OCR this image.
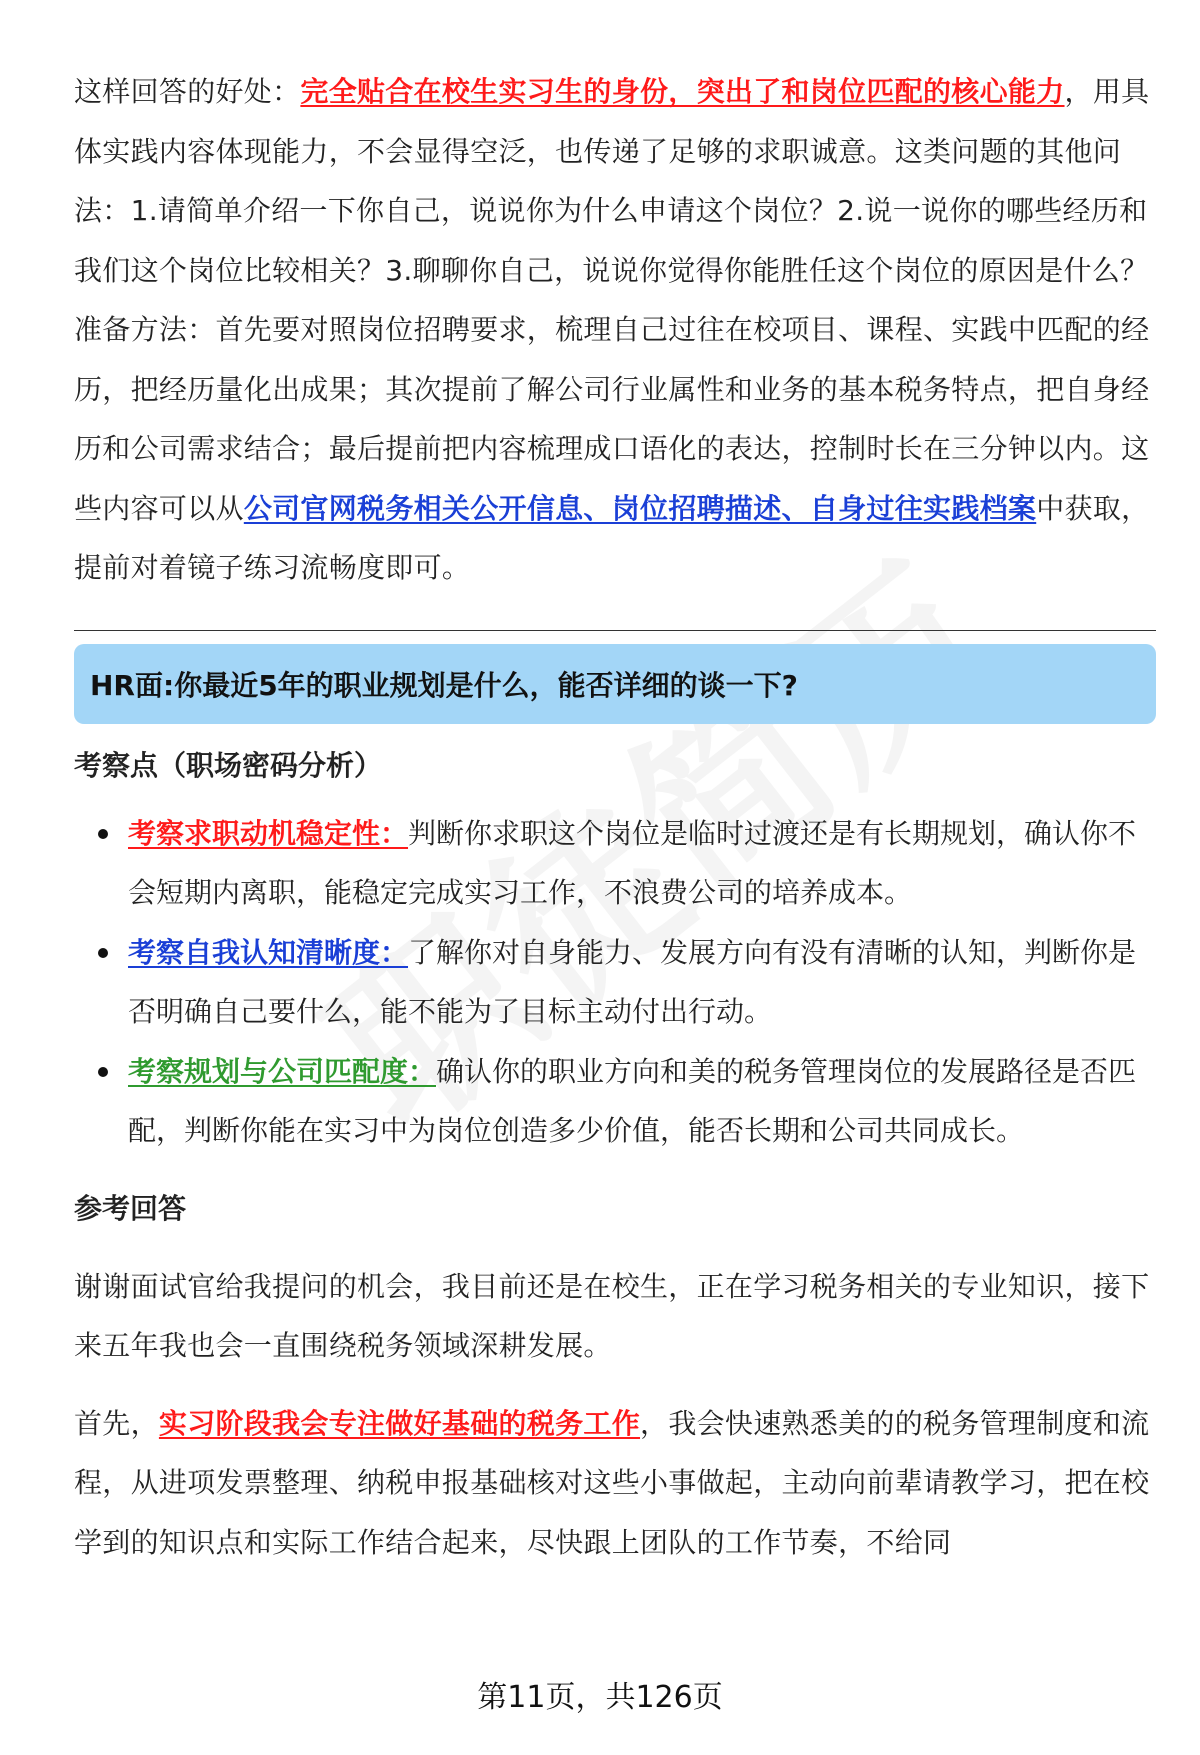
这样回答的好处：完全贴合在校生实习生的身份，突出了和岗位匹配的核心能力，用具体实践内容体现能力，不会显得空泛，也传递了足够的求职诚意。这类问题的其他问法：1.请简单介绍一下你自己，说说你为什么申请这个岗位？2.说一说你的哪些经历和我们这个岗位比较相关？3.聊聊你自己，说说你觉得你能胜任这个岗位的原因是什么？

准备方法：首先要对照岗位招聘要求，梳理自己过往在校项目、课程、实践中匹配的经历，把经历量化出成果；其次提前了解公司行业属性和业务的基本税务特点，把自身经历和公司需求结合；最后提前把内容梳理成口语化的表达，控制时长在三分钟以内。这些内容可以从公司官网税务相关公开信息、岗位招聘描述、自身过往实践档案中获取，提前对着镜子练习流畅度即可。

HR面:你最近5年的职业规划是什么，能否详细的谈一下?
考察点（职场密码分析）
考察求职动机稳定性：判断你求职这个岗位是临时过渡还是有长期规划，确认你不会短期内离职，能稳定完成实习工作，不浪费公司的培养成本。
考察自我认知清晰度：了解你对自身能力、发展方向有没有清晰的认知，判断你是否明确自己要什么，能不能为了目标主动付出行动。
考察规划与公司匹配度：确认你的职业方向和美的税务管理岗位的发展路径是否匹配，判断你能在实习中为岗位创造多少价值，能否长期和公司共同成长。
参考回答

谢谢面试官给我提问的机会，我目前还是在校生，正在学习税务相关的专业知识，接下来五年我也会一直围绕税务领域深耕发展。

首先，实习阶段我会专注做好基础的税务工作，我会快速熟悉美的的税务管理制度和流程，从进项发票整理、纳税申报基础核对这些小事做起，主动向前辈请教学习，把在校学到的知识点和实际工作结合起来，尽快跟上团队的工作节奏，不给同

第11页，共126页
